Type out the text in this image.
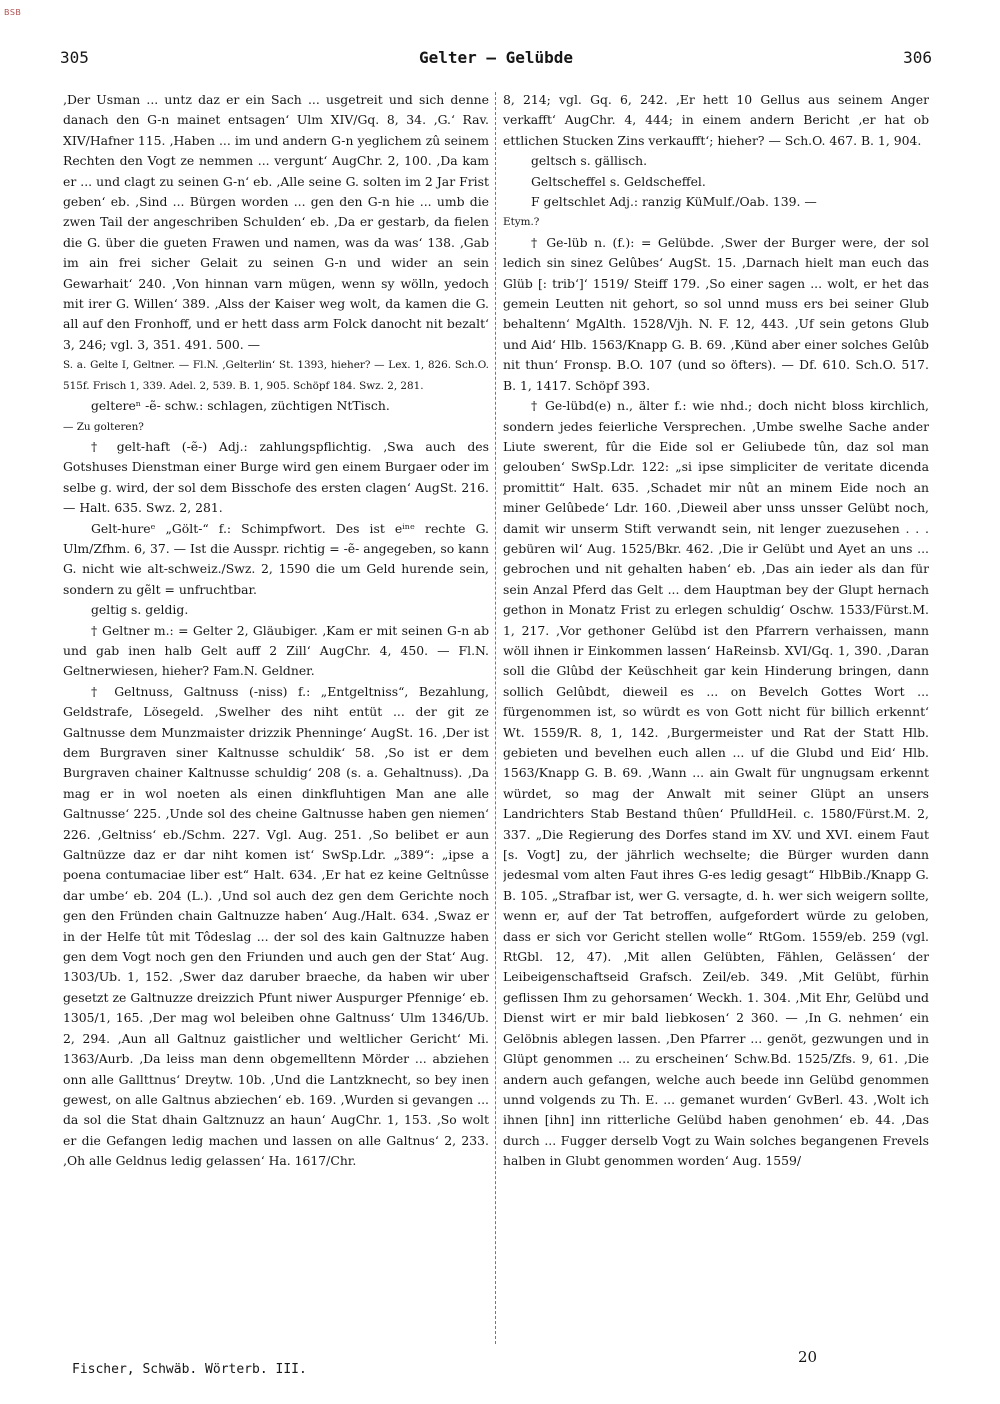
BSB
305	Gelter — Gelübde	306

‚Der Usman ... untz daz er ein Sach ... usgetreit und sich denne danach den G-n mainet entsagen‘ Ulm XIV/Gq. 8, 34. ‚G.‘ Rav. XIV/Hafner 115. ‚Haben ... im und andern G-n yeglichem zû seinem Rechten den Vogt ze nemmen ... vergunt‘ AugChr. 2, 100. ‚Da kam er ... und clagt zu seinen G-n‘ eb. ‚Alle seine G. solten im 2 Jar Frist geben‘ eb. ‚Sind ... Bürgen worden ... gen den G-n hie ... umb die zwen Tail der angeschriben Schulden‘ eb. ‚Da er gestarb, da fielen die G. über die gueten Frawen und namen, was da was‘ 138. ‚Gab im ain frei sicher Gelait zu seinen G-n und wider an sein Gewarhait‘ 240. ‚Von hinnan varn mügen, wenn sy wölln, yedoch mit irer G. Willen‘ 389. ‚Alss der Kaiser weg wolt, da kamen die G. all auf den Fronhoff, und er hett dass arm Folck danocht nit bezalt‘ 3, 246; vgl. 3, 351. 491. 500. —

S. a. Gelte I, Geltner. — Fl.N. ‚Gelterlin‘ St. 1393, hieher? — Lex. 1, 826. Sch.O. 515f. Frisch 1, 339. Adel. 2, 539. B. 1, 905. Schöpf 184. Swz. 2, 281.

geltereⁿ -ẽ- schw.: schlagen, züchtigen NtTisch.

— Zu golteren?

† gelt-haft (-ẽ-) Adj.: zahlungspflichtig. ‚Swa auch des Gotshuses Dienstman einer Burge wird gen einem Burgaer oder im selbe g. wird, der sol dem Bisschofe des ersten clagen‘ AugSt. 216. — Halt. 635. Swz. 2, 281.

Gelt-hureᵉ „Gölt-“ f.: Schimpfwort. Des ist eⁱⁿᵉ rechte G. Ulm/Zfhm. 6, 37. — Ist die Ausspr. richtig = -ẽ- angegeben, so kann G. nicht wie alt-schweiz./Swz. 2, 1590 die um Geld hurende sein, sondern zu gẽlt = unfruchtbar.

geltig s. geldig.

† Geltner m.: = Gelter 2, Gläubiger. ‚Kam er mit seinen G-n ab und gab inen halb Gelt auff 2 Zill‘ AugChr. 4, 450. — Fl.N. Geltnerwiesen, hieher? Fam.N. Geldner.

† Geltnuss, Galtnuss (-niss) f.: „Entgeltniss“, Bezahlung, Geldstrafe, Lösegeld. ‚Swelher des niht entüt ... der git ze Galtnusse dem Munzmaister drizzik Phenninge‘ AugSt. 16. ‚Der ist dem Burgraven siner Kaltnusse schuldik‘ 58. ‚So ist er dem Burgraven chainer Kaltnusse schuldig‘ 208 (s. a. Gehaltnuss). ‚Da mag er in wol noeten als einen dinkfluhtigen Man ane alle Galtnusse‘ 225. ‚Unde sol des cheine Galtnusse haben gen niemen‘ 226. ‚Geltniss‘ eb./Schm. 227. Vgl. Aug. 251. ‚So belibet er aun Galtnüzze daz er dar niht komen ist‘ SwSp.Ldr. „389“: „ipse a poena contumaciae liber est“ Halt. 634. ‚Er hat ez keine Geltnûsse dar umbe‘ eb. 204 (L.). ‚Und sol auch dez gen dem Gerichte noch gen den Fründen chain Galtnuzze haben‘ Aug./Halt. 634. ‚Swaz er in der Helfe tût mit Tôdeslag ... der sol des kain Galtnuzze haben gen dem Vogt noch gen den Friunden und auch gen der Stat‘ Aug. 1303/Ub. 1, 152. ‚Swer daz daruber braeche, da haben wir uber gesetzt ze Galtnuzze dreizzich Pfunt niwer Auspurger Pfennige‘ eb. 1305/1, 165. ‚Der mag wol beleiben ohne Galtnuss‘ Ulm 1346/Ub. 2, 294. ‚Aun all Galtnuz gaistlicher und weltlicher Gericht‘ Mi. 1363/Aurb. ‚Da leiss man denn obgemelltenn Mörder ... abziehen onn alle Gallttnus‘ Dreytw. 10b. ‚Und die Lantzknecht, so bey inen gewest, on alle Galtnus abziechen‘ eb. 169. ‚Wurden si gevangen ... da sol die Stat dhain Galtznuzz an haun‘ AugChr. 1, 153. ‚So wolt er die Gefangen ledig machen und lassen on alle Galtnus‘ 2, 233. ‚Oh alle Geldnus ledig gelassen‘ Ha. 1617/Chr.

8, 214; vgl. Gq. 6, 242. ‚Er hett 10 Gellus aus seinem Anger verkafft‘ AugChr. 4, 444; in einem andern Bericht ‚er hat ob ettlichen Stucken Zins verkaufft‘; hieher? — Sch.O. 467. B. 1, 904.

geltsch s. gällisch.

Geltscheffel s. Geldscheffel.

F geltschlet Adj.: ranzig KüMulf./Oab. 139. —

Etym.?

† Ge-lüb n. (f.): = Gelübde. ‚Swer der Burger were, der sol ledich sin sinez Gelûbes‘ AugSt. 15. ‚Darnach hielt man euch das Glüb [: trib‘]‘ 1519/ Steiff 179. ‚So einer sagen ... wolt, er het das gemein Leutten nit gehort, so sol unnd muss ers bei seiner Glub behaltenn‘ MgAlth. 1528/Vjh. N. F. 12, 443. ‚Uf sein getons Glub und Aid‘ Hlb. 1563/Knapp G. B. 69. ‚Künd aber einer solches Gelûb nit thun‘ Fronsp. B.O. 107 (und so öfters). — Df. 610. Sch.O. 517. B. 1, 1417. Schöpf 393.

† Ge-lübd(e) n., älter f.: wie nhd.; doch nicht bloss kirchlich, sondern jedes feierliche Versprechen. ‚Umbe swelhe Sache ander Liute swerent, fûr die Eide sol er Geliubede tûn, daz sol man gelouben‘ SwSp.Ldr. 122: „si ipse simpliciter de veritate dicenda promittit“ Halt. 635. ‚Schadet mir nût an minem Eide noch an miner Gelûbede‘ Ldr. 160. ‚Dieweil aber unss unsser Gelübt noch, damit wir unserm Stift verwandt sein, nit lenger zuezusehen . . . gebüren wil‘ Aug. 1525/Bkr. 462. ‚Die ir Gelübt und Ayet an uns ... gebrochen und nit gehalten haben‘ eb. ‚Das ain ieder als dan für sein Anzal Pferd das Gelt ... dem Hauptman bey der Glupt hernach gethon in Monatz Frist zu erlegen schuldig‘ Oschw. 1533/Fürst.M. 1, 217. ‚Vor gethoner Gelübd ist den Pfarrern verhaissen, mann wöll ihnen ir Einkommen lassen‘ HaReinsb. XVI/Gq. 1, 390. ‚Daran soll die Glûbd der Keüschheit gar kein Hinderung bringen, dann sollich Gelûbdt, dieweil es ... on Bevelch Gottes Wort ... fürgenommen ist, so würdt es von Gott nicht für billich erkennt‘ Wt. 1559/R. 8, 1, 142. ‚Burgermeister und Rat der Statt Hlb. gebieten und bevelhen euch allen ... uf die Glubd und Eid‘ Hlb. 1563/Knapp G. B. 69. ‚Wann ... ain Gwalt für ungnugsam erkennt würdet, so mag der Anwalt mit seiner Glüpt an unsers Landrichters Stab Bestand thûen‘ PfulldHeil. c. 1580/Fürst.M. 2, 337. „Die Regierung des Dorfes stand im XV. und XVI. einem Faut [s. Vogt] zu, der jährlich wechselte; die Bürger wurden dann jedesmal vom alten Faut ihres G-es ledig gesagt“ HlbBib./Knapp G. B. 105. „Strafbar ist, wer G. versagte, d. h. wer sich weigern sollte, wenn er, auf der Tat betroffen, aufgefordert würde zu geloben, dass er sich vor Gericht stellen wolle“ RtGom. 1559/eb. 259 (vgl. RtGbl. 12, 47). ‚Mit allen Gelübten, Fählen, Gelässen‘ der Leibeigenschaftseid Grafsch. Zeil/eb. 349. ‚Mit Gelübt, fürhin geflissen Ihm zu gehorsamen‘ Weckh. 1. 304. ‚Mit Ehr, Gelübd und Dienst wirt er mir bald liebkosen‘ 2 360. — ‚In G. nehmen‘ ein Gelöbnis ablegen lassen. ‚Den Pfarrer ... genöt, gezwungen und in Glüpt genommen ... zu erscheinen‘ Schw.Bd. 1525/Zfs. 9, 61. ‚Die andern auch gefangen, welche auch beede inn Gelübd genommen unnd volgends zu Th. E. ... gemanet wurden‘ GvBerl. 43. ‚Wolt ich ihnen [ihn] inn ritterliche Gelübd haben genohmen‘ eb. 44. ‚Das durch ... Fugger derselb Vogt zu Wain solches begangenen Frevels halben in Glubt genommen worden‘ Aug. 1559/

Fischer, Schwäb. Wörterb. III.
20
